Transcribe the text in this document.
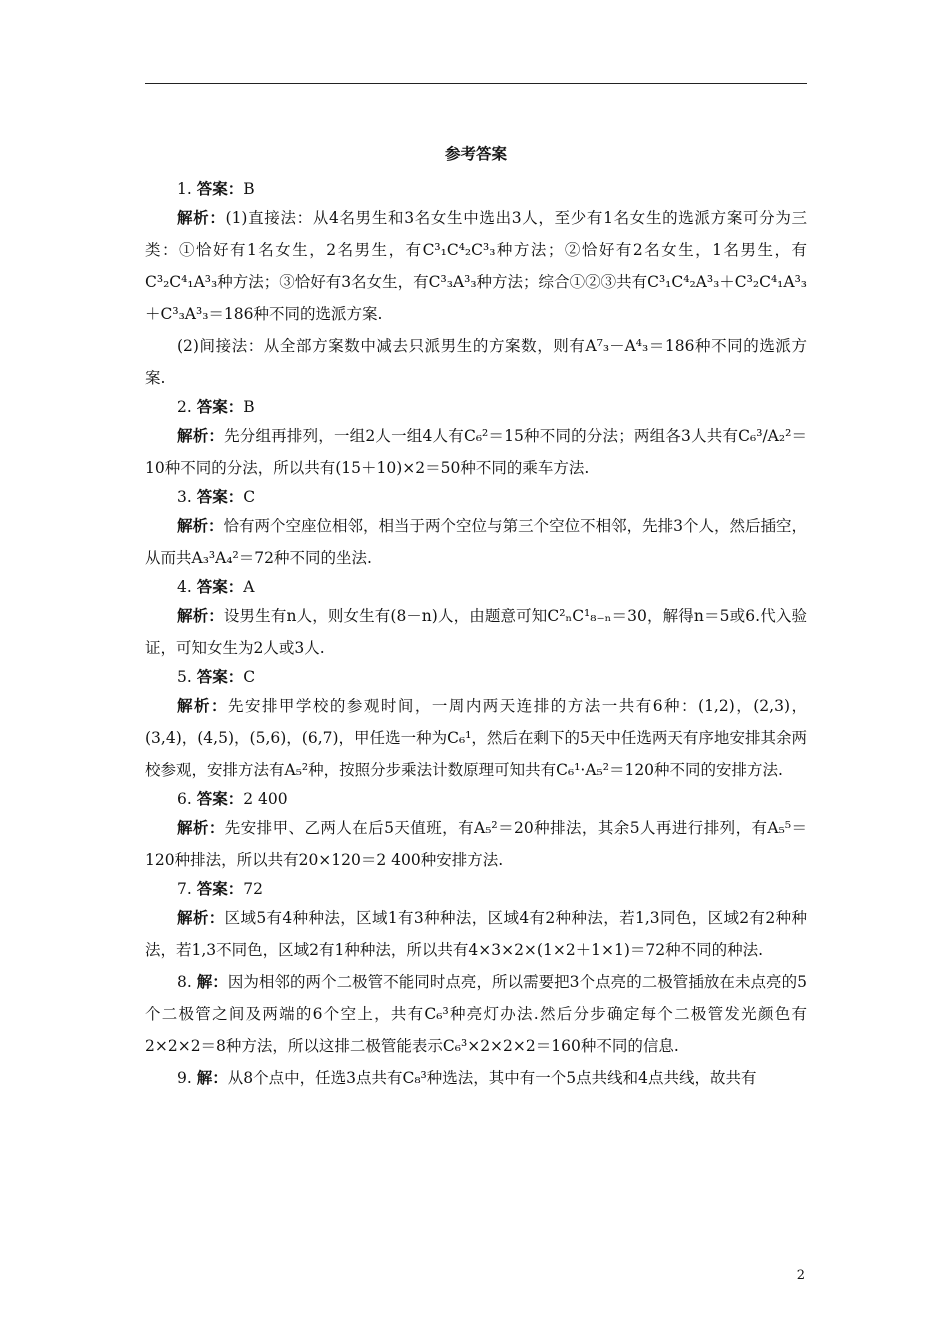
参考答案

1. 答案：B

解析：(1)直接法：从4名男生和3名女生中选出3人，至少有1名女生的选派方案可分为三类：①恰好有1名女生，2名男生，有C³₁C⁴₂C³₃种方法；②恰好有2名女生，1名男生，有C³₂C⁴₁A³₃种方法；③恰好有3名女生，有C³₃A³₃种方法；综合①②③共有C³₁C⁴₂A³₃＋C³₂C⁴₁A³₃＋C³₃A³₃＝186种不同的选派方案.

(2)间接法：从全部方案数中减去只派男生的方案数，则有A⁷₃－A⁴₃＝186种不同的选派方案.

2. 答案：B

解析：先分组再排列，一组2人一组4人有C₆²＝15种不同的分法；两组各3人共有C₆³/A₂²＝10种不同的分法，所以共有(15＋10)×2＝50种不同的乘车方法.

3. 答案：C

解析：恰有两个空座位相邻，相当于两个空位与第三个空位不相邻，先排3个人，然后插空，从而共A₃³A₄²＝72种不同的坐法.

4. 答案：A

解析：设男生有n人，则女生有(8－n)人，由题意可知C²ₙC¹₈₋ₙ＝30，解得n＝5或6.代入验证，可知女生为2人或3人.

5. 答案：C

解析：先安排甲学校的参观时间，一周内两天连排的方法一共有6种：(1,2)，(2,3)，(3,4)，(4,5)，(5,6)，(6,7)，甲任选一种为C₆¹，然后在剩下的5天中任选两天有序地安排其余两校参观，安排方法有A₅²种，按照分步乘法计数原理可知共有C₆¹·A₅²＝120种不同的安排方法.

6. 答案：2 400

解析：先安排甲、乙两人在后5天值班，有A₅²＝20种排法，其余5人再进行排列，有A₅⁵＝120种排法，所以共有20×120＝2 400种安排方法.

7. 答案：72

解析：区域5有4种种法，区域1有3种种法，区域4有2种种法，若1,3同色，区域2有2种种法，若1,3不同色，区域2有1种种法，所以共有4×3×2×(1×2＋1×1)＝72种不同的种法.

8. 解：因为相邻的两个二极管不能同时点亮，所以需要把3个点亮的二极管插放在未点亮的5个二极管之间及两端的6个空上，共有C₆³种亮灯办法.然后分步确定每个二极管发光颜色有2×2×2＝8种方法，所以这排二极管能表示C₆³×2×2×2＝160种不同的信息.

9. 解：从8个点中，任选3点共有C₈³种选法，其中有一个5点共线和4点共线，故共有

2
